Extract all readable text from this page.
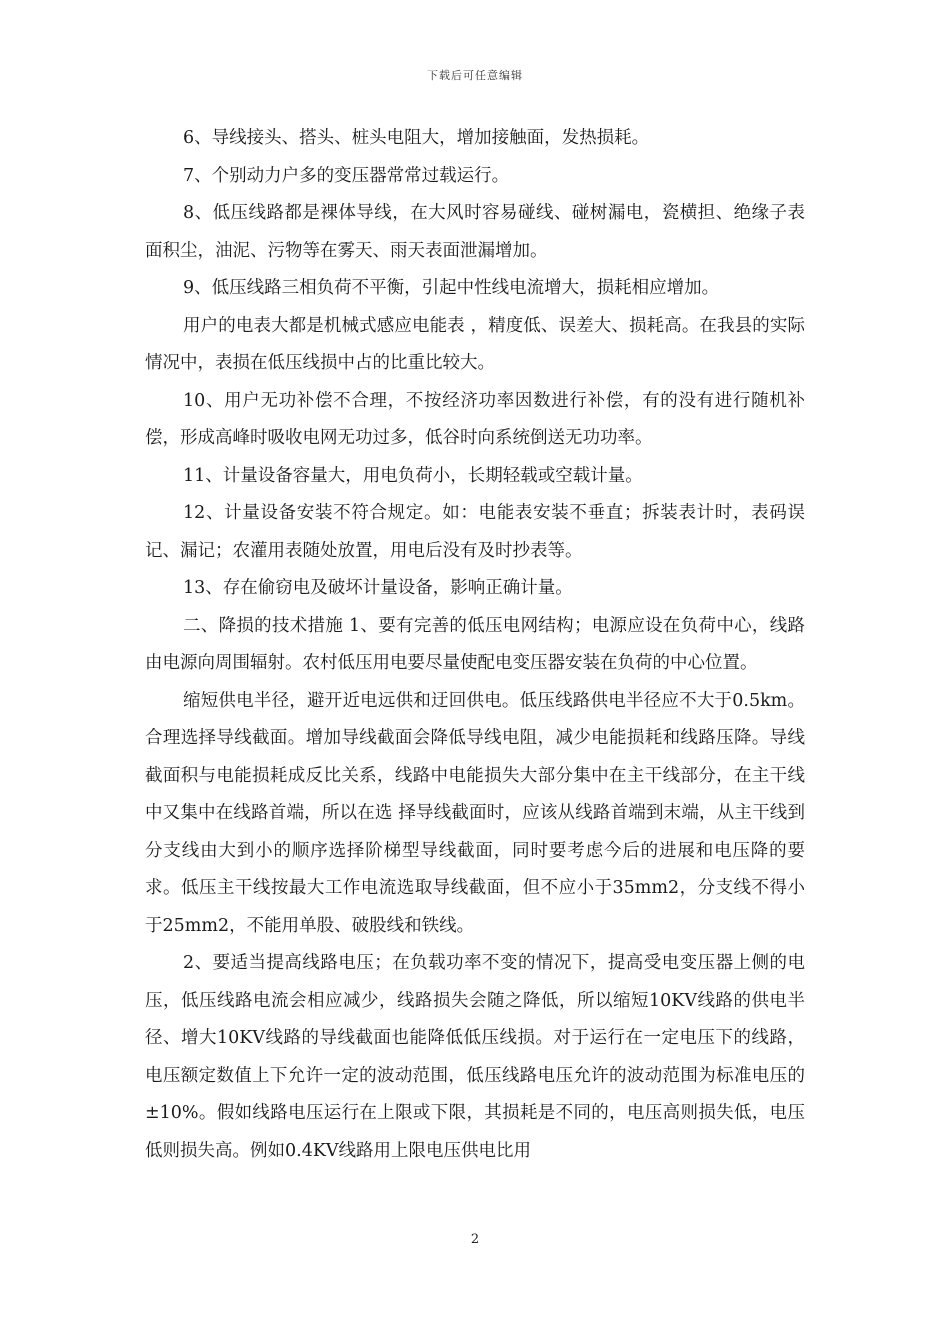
下载后可任意编辑

6、导线接头、搭头、桩头电阻大，增加接触面，发热损耗。

7、个别动力户多的变压器常常过载运行。

8、低压线路都是裸体导线，在大风时容易碰线、碰树漏电，瓷横担、绝缘子表面积尘，油泥、污物等在雾天、雨天表面泄漏增加。

9、低压线路三相负荷不平衡，引起中性线电流增大，损耗相应增加。

用户的电表大都是机械式感应电能表 ，精度低、误差大、损耗高。在我县的实际情况中，表损在低压线损中占的比重比较大。

10、用户无功补偿不合理，不按经济功率因数进行补偿，有的没有进行随机补偿，形成高峰时吸收电网无功过多，低谷时向系统倒送无功功率。

11、计量设备容量大，用电负荷小，长期轻载或空载计量。

12、计量设备安装不符合规定。如：电能表安装不垂直；拆装表计时，表码误记、漏记；农灌用表随处放置，用电后没有及时抄表等。

13、存在偷窃电及破坏计量设备，影响正确计量。

二、降损的技术措施 1、要有完善的低压电网结构；电源应设在负荷中心，线路由电源向周围辐射。农村低压用电要尽量使配电变压器安装在负荷的中心位置。

缩短供电半径，避开近电远供和迂回供电。低压线路供电半径应不大于0.5km。合理选择导线截面。增加导线截面会降低导线电阻，减少电能损耗和线路压降。导线截面积与电能损耗成反比关系，线路中电能损失大部分集中在主干线部分，在主干线中又集中在线路首端，所以在选 择导线截面时，应该从线路首端到末端，从主干线到分支线由大到小的顺序选择阶梯型导线截面，同时要考虑今后的进展和电压降的要求。低压主干线按最大工作电流选取导线截面，但不应小于35mm2，分支线不得小于25mm2，不能用单股、破股线和铁线。

2、要适当提高线路电压；在负载功率不变的情况下，提高受电变压器上侧的电压，低压线路电流会相应减少，线路损失会随之降低，所以缩短10KV线路的供电半径、增大10KV线路的导线截面也能降低低压线损。对于运行在一定电压下的线路，电压额定数值上下允许一定的波动范围，低压线路电压允许的波动范围为标准电压的±10%。假如线路电压运行在上限或下限，其损耗是不同的，电压高则损失低，电压低则损失高。例如0.4KV线路用上限电压供电比用

2
